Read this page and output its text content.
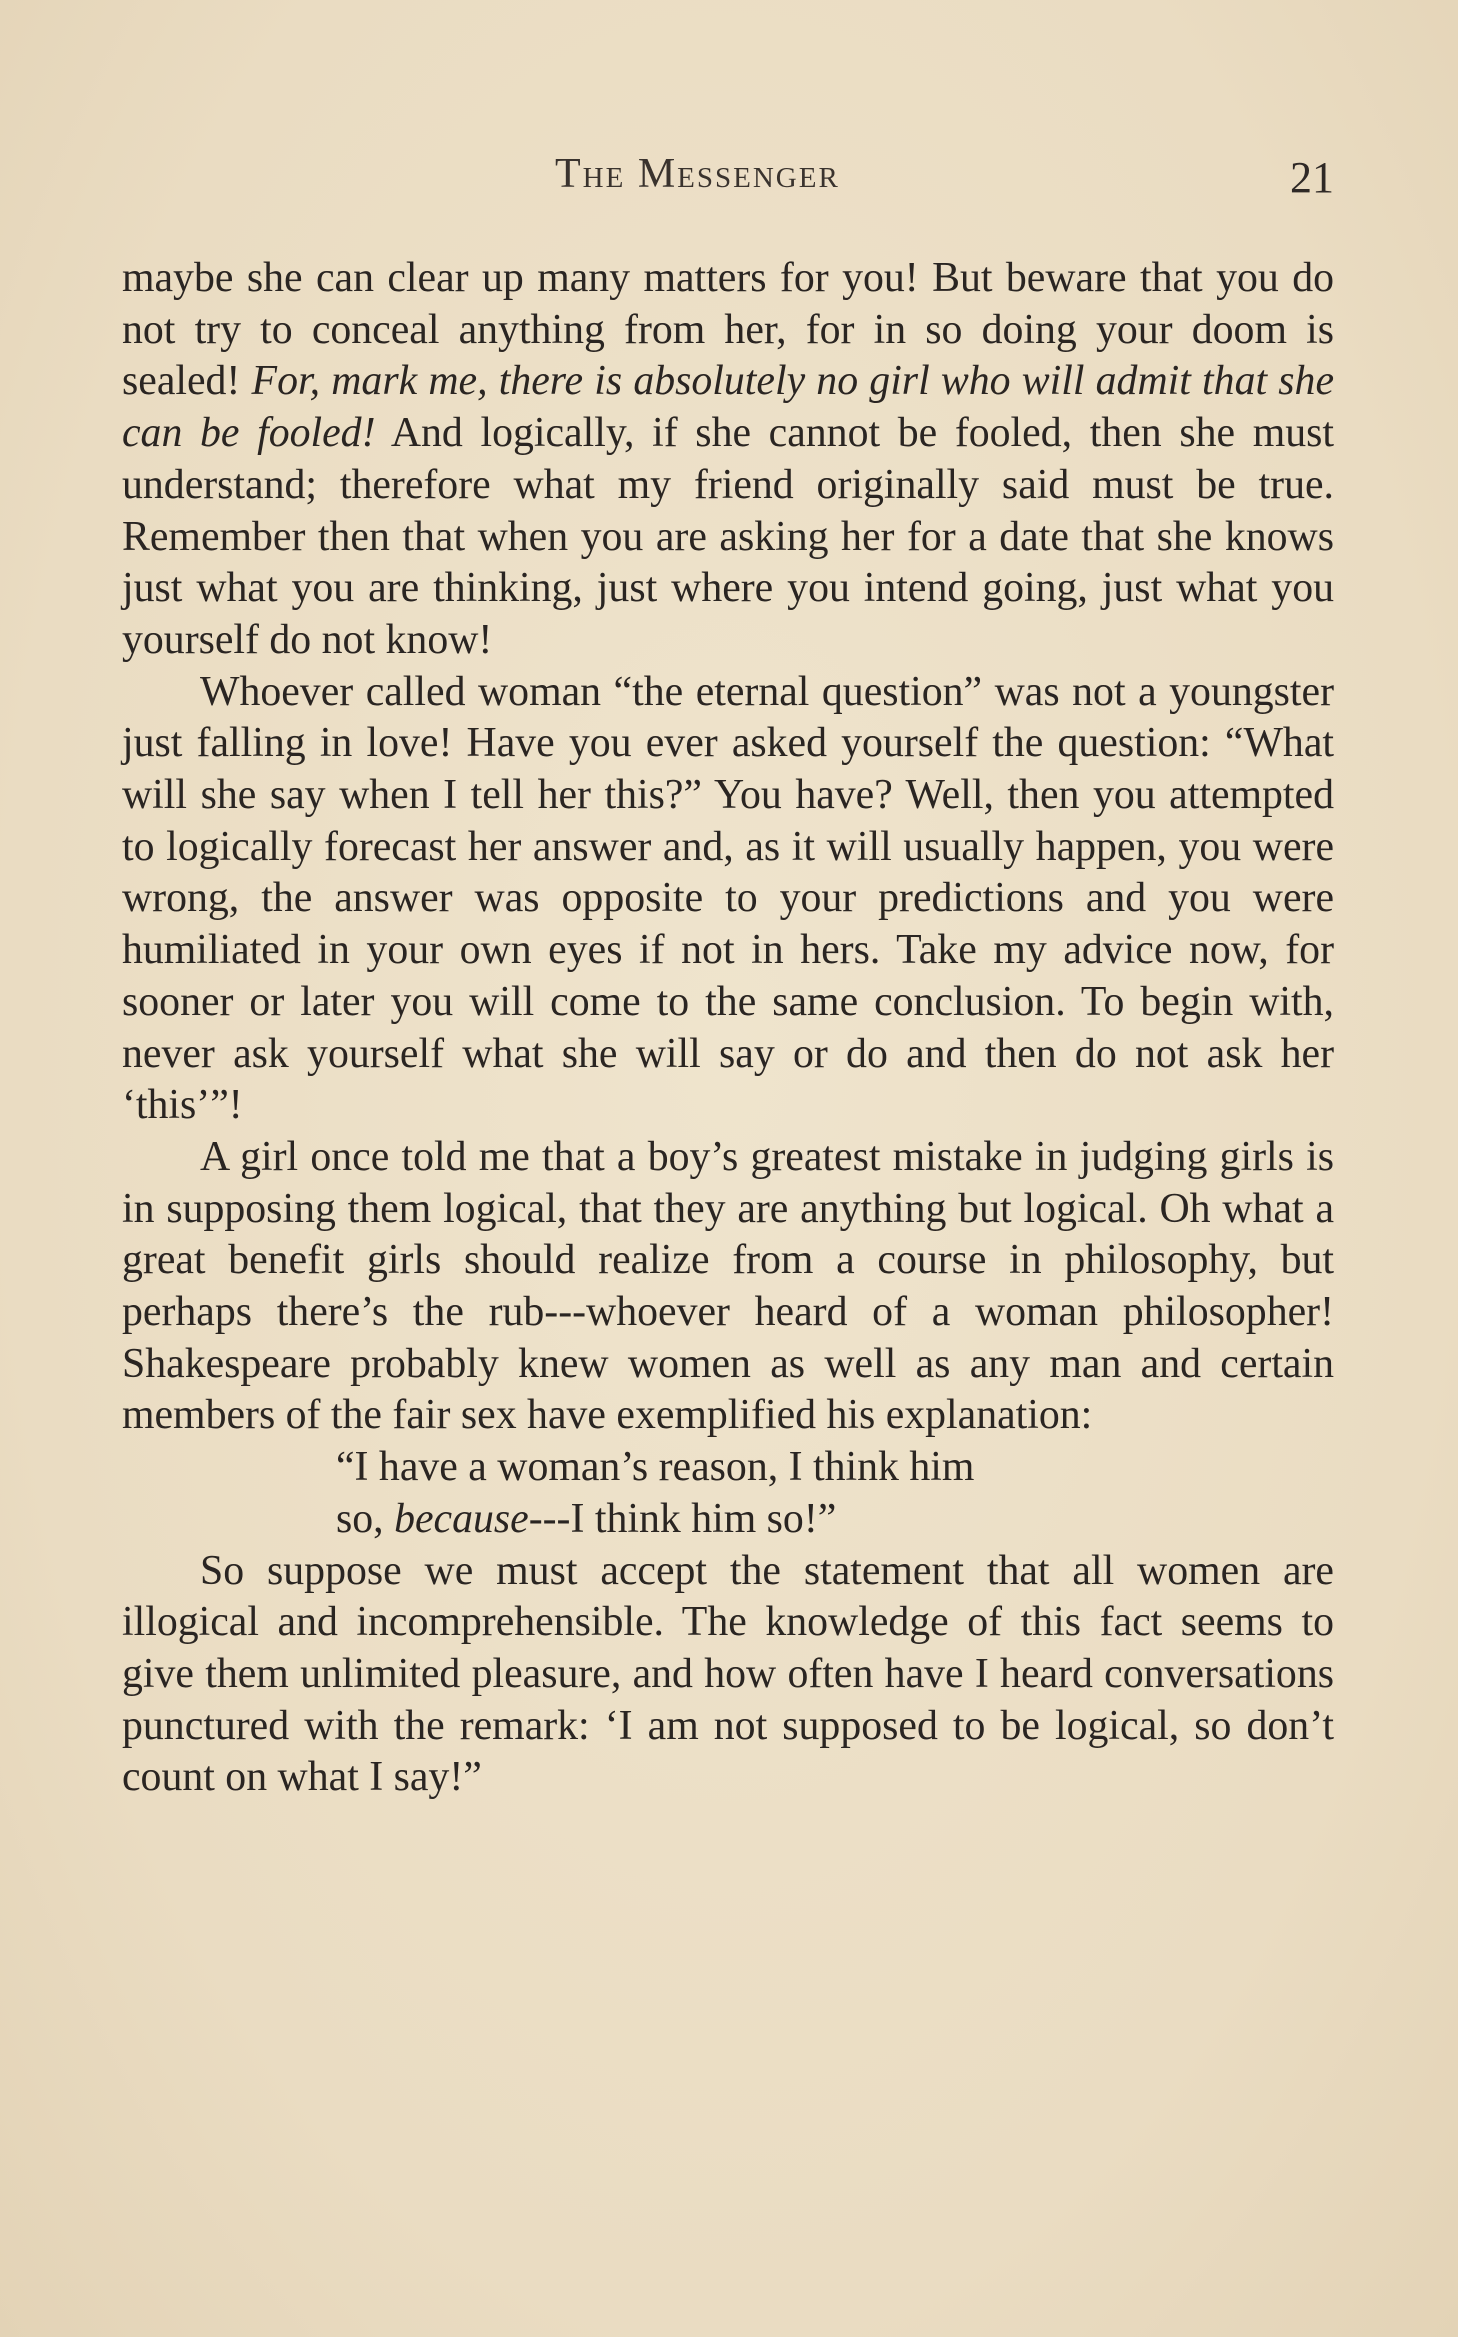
The Messenger	21

maybe she can clear up many matters for you! But beware that you do not try to conceal anything from her, for in so doing your doom is sealed! For, mark me, there is absolutely no girl who will admit that she can be fooled! And logically, if she cannot be fooled, then she must understand; therefore what my friend originally said must be true. Remember then that when you are asking her for a date that she knows just what you are thinking, just where you intend going, just what you yourself do not know!

Whoever called woman “the eternal question” was not a youngster just falling in love! Have you ever asked yourself the question: “What will she say when I tell her this?” You have? Well, then you attempted to logically forecast her answer and, as it will usually happen, you were wrong, the answer was opposite to your predictions and you were humiliated in your own eyes if not in hers. Take my advice now, for sooner or later you will come to the same conclusion. To begin with, never ask yourself what she will say or do and then do not ask her ‘this’”!

A girl once told me that a boy’s greatest mistake in judging girls is in supposing them logical, that they are anything but logical. Oh what a great benefit girls should realize from a course in philosophy, but perhaps there’s the rub---whoever heard of a woman philosopher! Shakespeare probably knew women as well as any man and certain members of the fair sex have exemplified his explanation:

“I have a woman’s reason, I think him
so, because---I think him so!”

So suppose we must accept the statement that all women are illogical and incomprehensible. The knowledge of this fact seems to give them unlimited pleasure, and how often have I heard conversations punctured with the remark: ‘I am not supposed to be logical, so don’t count on what I say!”
